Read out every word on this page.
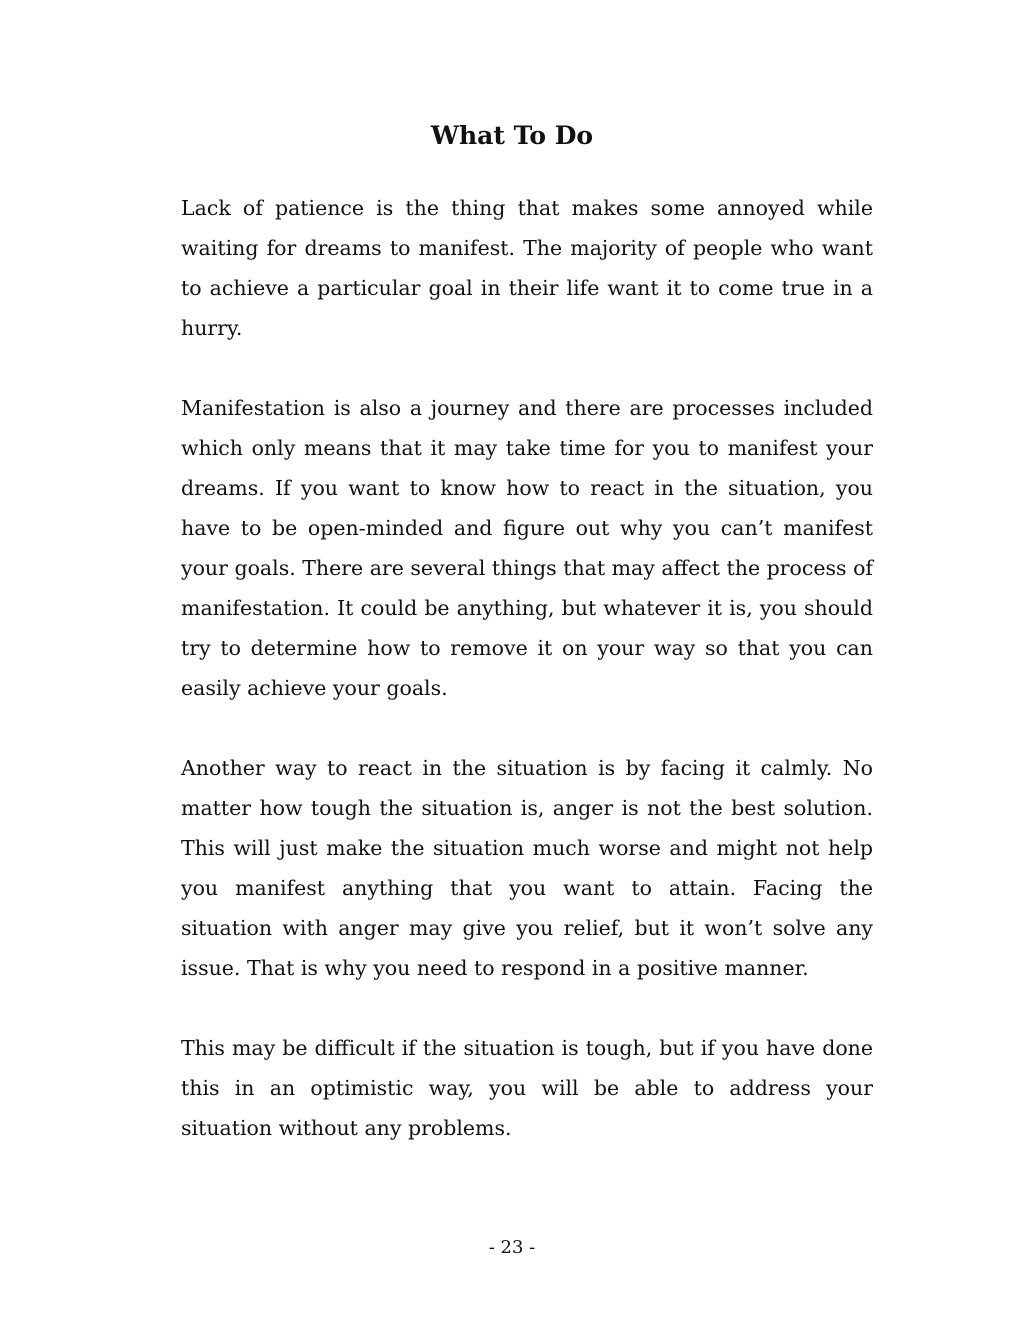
What To Do

Lack of patience is the thing that makes some annoyed while waiting for dreams to manifest. The majority of people who want to achieve a particular goal in their life want it to come true in a hurry.

Manifestation is also a journey and there are processes included which only means that it may take time for you to manifest your dreams. If you want to know how to react in the situation, you have to be open-minded and figure out why you can’t manifest your goals. There are several things that may affect the process of manifestation. It could be anything, but whatever it is, you should try to determine how to remove it on your way so that you can easily achieve your goals.

Another way to react in the situation is by facing it calmly. No matter how tough the situation is, anger is not the best solution. This will just make the situation much worse and might not help you manifest anything that you want to attain. Facing the situation with anger may give you relief, but it won’t solve any issue. That is why you need to respond in a positive manner.

This may be difficult if the situation is tough, but if you have done this in an optimistic way, you will be able to address your situation without any problems.

- 23 -
